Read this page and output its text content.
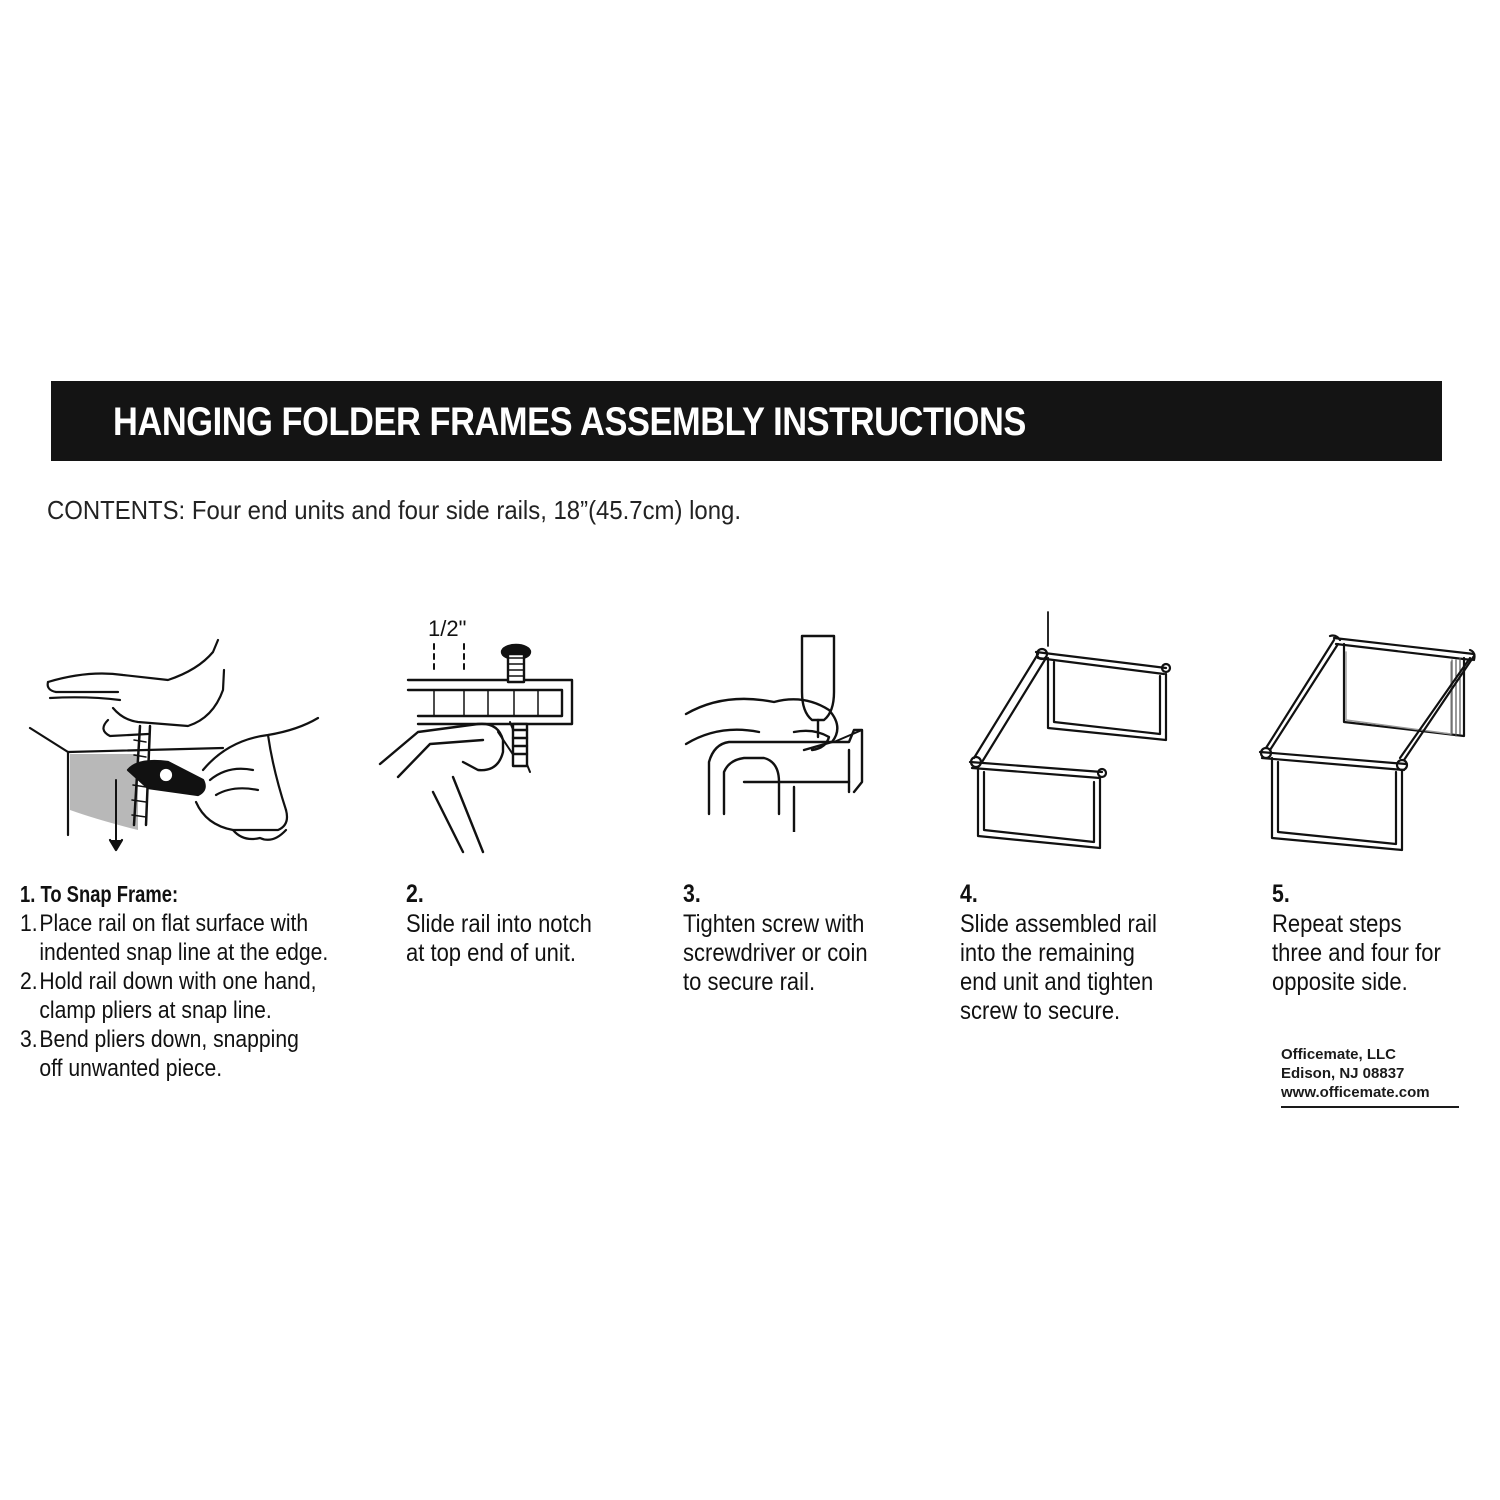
HANGING FOLDER FRAMES ASSEMBLY INSTRUCTIONS
CONTENTS: Four end units and four side rails, 18”(45.7cm) long.
1/2"
1. To Snap Frame:
1. Place rail on flat surface with
indented snap line at the edge.
2. Hold rail down with one hand,
clamp pliers at snap line.
3. Bend pliers down, snapping
off unwanted piece.
2.
Slide rail into notch
at top end of unit.
3.
Tighten screw with
screwdriver or coin
to secure rail.
4.
Slide assembled rail
into the remaining
end unit and tighten
screw to secure.
5.
Repeat steps
three and four for
opposite side.
Officemate, LLC
Edison, NJ 08837
www.officemate.com
